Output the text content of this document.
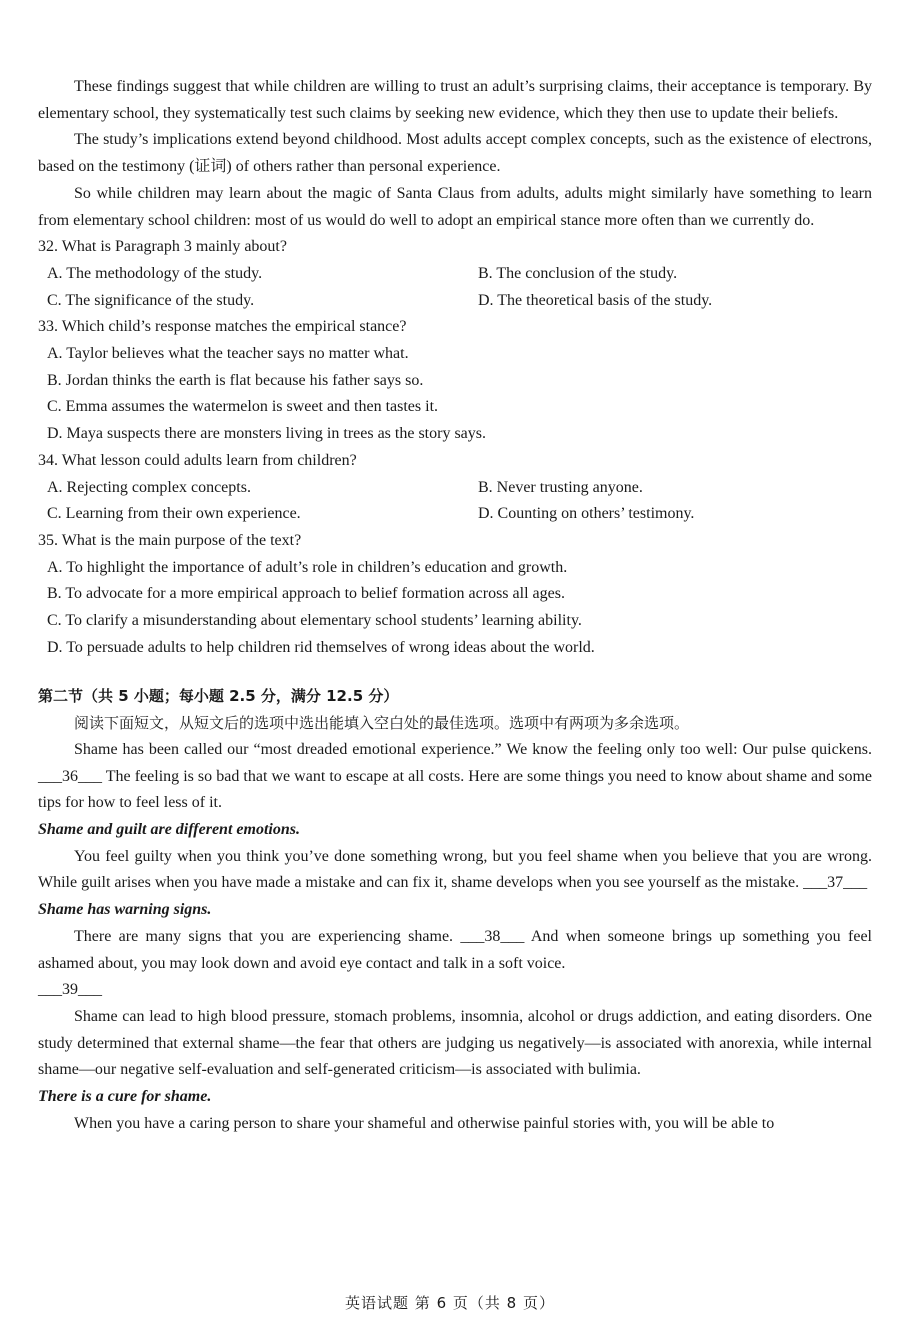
These findings suggest that while children are willing to trust an adult’s surprising claims, their acceptance is temporary. By elementary school, they systematically test such claims by seeking new evidence, which they then use to update their beliefs.

The study’s implications extend beyond childhood. Most adults accept complex concepts, such as the existence of electrons, based on the testimony (证词) of others rather than personal experience.

So while children may learn about the magic of Santa Claus from adults, adults might similarly have something to learn from elementary school children: most of us would do well to adopt an empirical stance more often than we currently do.

32. What is Paragraph 3 mainly about?

A. The methodology of the study.	B. The conclusion of the study.

C. The significance of the study.	D. The theoretical basis of the study.

33. Which child’s response matches the empirical stance?

A. Taylor believes what the teacher says no matter what.

B. Jordan thinks the earth is flat because his father says so.

C. Emma assumes the watermelon is sweet and then tastes it.

D. Maya suspects there are monsters living in trees as the story says.

34. What lesson could adults learn from children?

A. Rejecting complex concepts.	B. Never trusting anyone.

C. Learning from their own experience.	D. Counting on others’ testimony.

35. What is the main purpose of the text?

A. To highlight the importance of adult’s role in children’s education and growth.

B. To advocate for a more empirical approach to belief formation across all ages.

C. To clarify a misunderstanding about elementary school students’ learning ability.

D. To persuade adults to help children rid themselves of wrong ideas about the world.

第二节（共 5 小题；每小题 2.5 分，满分 12.5 分）

阅读下面短文，从短文后的选项中选出能填入空白处的最佳选项。选项中有两项为多余选项。

Shame has been called our “most dreaded emotional experience.” We know the feeling only too well: Our pulse quickens. ___36___ The feeling is so bad that we want to escape at all costs. Here are some things you need to know about shame and some tips for how to feel less of it.

Shame and guilt are different emotions.

You feel guilty when you think you’ve done something wrong, but you feel shame when you believe that you are wrong. While guilt arises when you have made a mistake and can fix it, shame develops when you see yourself as the mistake. ___37___

Shame has warning signs.

There are many signs that you are experiencing shame. ___38___ And when someone brings up something you feel ashamed about, you may look down and avoid eye contact and talk in a soft voice.

___39___

Shame can lead to high blood pressure, stomach problems, insomnia, alcohol or drugs addiction, and eating disorders. One study determined that external shame—the fear that others are judging us negatively—is associated with anorexia, while internal shame—our negative self-evaluation and self-generated criticism—is associated with bulimia.

There is a cure for shame.

When you have a caring person to share your shameful and otherwise painful stories with, you will be able to

英语试题 第 6 页（共 8 页）
